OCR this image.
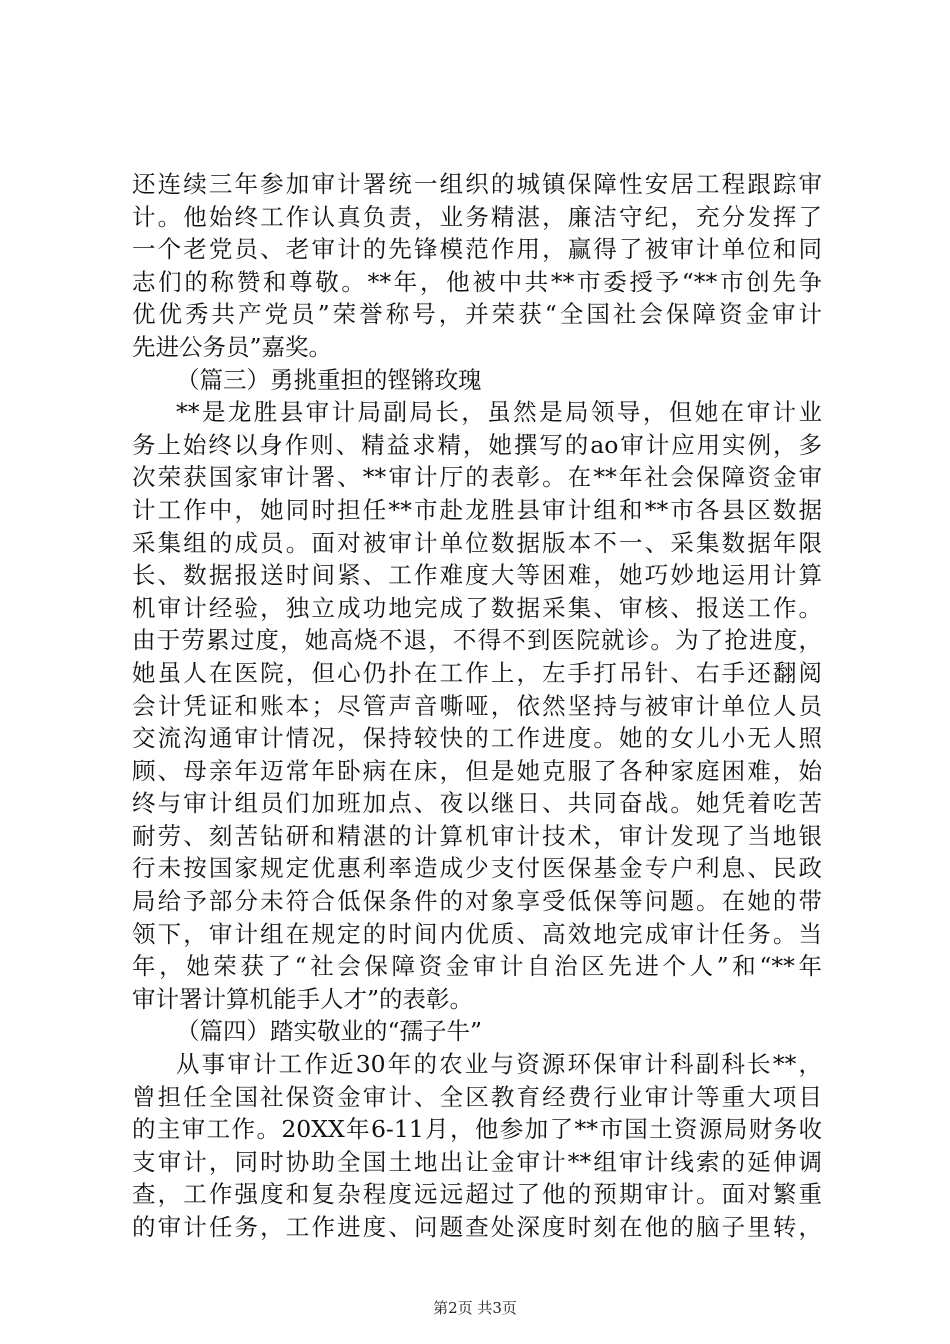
还连续三年参加审计署统一组织的城镇保障性安居工程跟踪审
计。他始终工作认真负责，业务精湛，廉洁守纪，充分发挥了
一个老党员、老审计的先锋模范作用，赢得了被审计单位和同
志们的称赞和尊敬。**年，他被中共**市委授予“**市创先争
优优秀共产党员”荣誉称号，并荣获“全国社会保障资金审计
先进公务员”嘉奖。
（篇三）勇挑重担的铿锵玫瑰
**是龙胜县审计局副局长，虽然是局领导，但她在审计业
务上始终以身作则、精益求精，她撰写的ao审计应用实例，多
次荣获国家审计署、**审计厅的表彰。在**年社会保障资金审
计工作中，她同时担任**市赴龙胜县审计组和**市各县区数据
采集组的成员。面对被审计单位数据版本不一、采集数据年限
长、数据报送时间紧、工作难度大等困难，她巧妙地运用计算
机审计经验，独立成功地完成了数据采集、审核、报送工作。
由于劳累过度，她高烧不退，不得不到医院就诊。为了抢进度，
她虽人在医院，但心仍扑在工作上，左手打吊针、右手还翻阅
会计凭证和账本；尽管声音嘶哑，依然坚持与被审计单位人员
交流沟通审计情况，保持较快的工作进度。她的女儿小无人照
顾、母亲年迈常年卧病在床，但是她克服了各种家庭困难，始
终与审计组员们加班加点、夜以继日、共同奋战。她凭着吃苦
耐劳、刻苦钻研和精湛的计算机审计技术，审计发现了当地银
行未按国家规定优惠利率造成少支付医保基金专户利息、民政
局给予部分未符合低保条件的对象享受低保等问题。在她的带
领下，审计组在规定的时间内优质、高效地完成审计任务。当
年，她荣获了“社会保障资金审计自治区先进个人”和“**年
审计署计算机能手人才”的表彰。
（篇四）踏实敬业的“孺子牛”
从事审计工作近30年的农业与资源环保审计科副科长**，
曾担任全国社保资金审计、全区教育经费行业审计等重大项目
的主审工作。20XX年6-11月，他参加了**市国土资源局财务收
支审计，同时协助全国土地出让金审计**组审计线索的延伸调
查，工作强度和复杂程度远远超过了他的预期审计。面对繁重
的审计任务，工作进度、问题查处深度时刻在他的脑子里转，
第2页 共3页
